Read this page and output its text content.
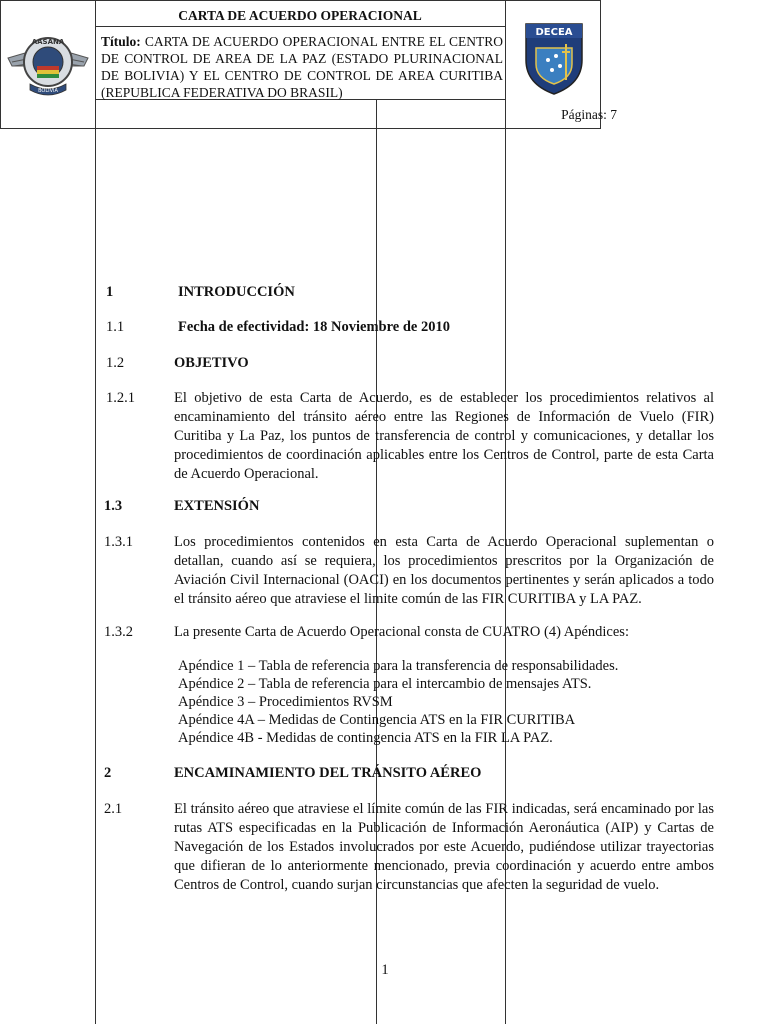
AASANA
BOLIVIA
CARTA DE ACUERDO OPERACIONAL
Título: CARTA DE ACUERDO OPERACIONAL ENTRE EL CENTRO DE CONTROL DE AREA DE LA PAZ (ESTADO PLURINACIONAL DE BOLIVIA) Y EL CENTRO DE CONTROL DE AREA CURITIBA (REPUBLICA FEDERATIVA DO BRASIL)
Páginas: 7
DECEA
1	INTRODUCCIÓN
1.1	Fecha de efectividad: 18 Noviembre de 2010
1.2	OBJETIVO
1.2.1	El objetivo de esta Carta de Acuerdo, es de establecer los procedimientos relativos al encaminamiento del tránsito aéreo entre las Regiones de Información de Vuelo (FIR) Curitiba y La Paz, los puntos de transferencia de control y comunicaciones, y detallar los procedimientos de coordinación aplicables entre los Centros de Control, parte de esta Carta de Acuerdo Operacional.
1.3	EXTENSIÓN
1.3.1	Los procedimientos contenidos en esta Carta de Acuerdo Operacional suplementan o detallan, cuando así se requiera, los procedimientos prescritos por la Organización de Aviación Civil Internacional (OACI) en los documentos pertinentes y serán aplicados a todo el tránsito aéreo que atraviese el limite común de las FIR CURITIBA y LA PAZ.
1.3.2	La presente Carta de Acuerdo Operacional consta de CUATRO (4) Apéndices:
Apéndice 1 – Tabla de referencia para la transferencia de responsabilidades.
Apéndice 2 – Tabla de referencia para el intercambio de mensajes ATS.
Apéndice 3 – Procedimientos RVSM
Apéndice 4A – Medidas de Contingencia ATS en la FIR CURITIBA
Apéndice 4B - Medidas de contingencia ATS en la FIR LA PAZ.
2	ENCAMINAMIENTO DEL TRÁNSITO AÉREO
2.1	El tránsito aéreo que atraviese el límite común de las FIR indicadas, será encaminado por las rutas ATS especificadas en la Publicación de Información Aeronáutica (AIP) y Cartas de Navegación de los Estados involucrados por este Acuerdo, pudiéndose utilizar trayectorias que difieran de lo anteriormente mencionado, previa coordinación y acuerdo entre ambos Centros de Control, cuando surjan circunstancias que afecten la seguridad de vuelo.
1
